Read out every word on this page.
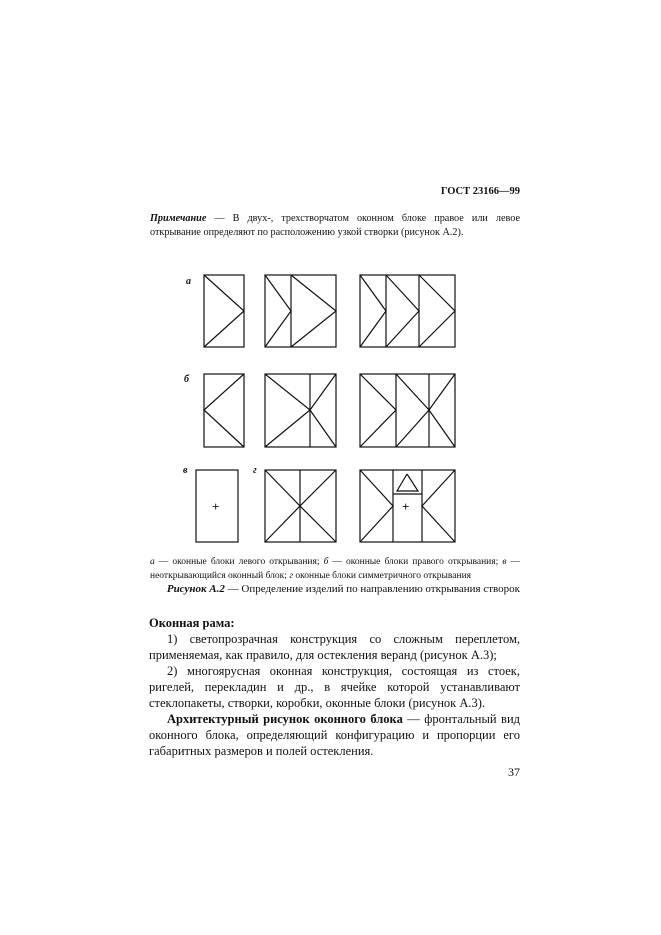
ГОСТ 23166—99
Примечание — В двух-, трехстворчатом оконном блоке правое или левое открывание определяют по расположению узкой створки (рисунок А.2).
а
б
в	г
+	+
а — оконные блоки левого открывания; б — оконные блоки правого открывания; в — неоткрывающийся оконный блок; г оконные блоки симметричного открывания
Рисунок А.2 — Определение изделий по направлению открывания створок
Оконная рама:

1) светопрозрачная конструкция со сложным переплетом, применяемая, как правило, для остекления веранд (рисунок А.3);

2) многоярусная оконная конструкция, состоящая из стоек, ригелей, перекладин и др., в ячейке которой устанавливают стеклопакеты, створки, коробки, оконные блоки (рисунок А.3).

Архитектурный рисунок оконного блока — фронтальный вид оконного блока, определяющий конфигурацию и пропорции его габаритных размеров и полей остекления.

37
